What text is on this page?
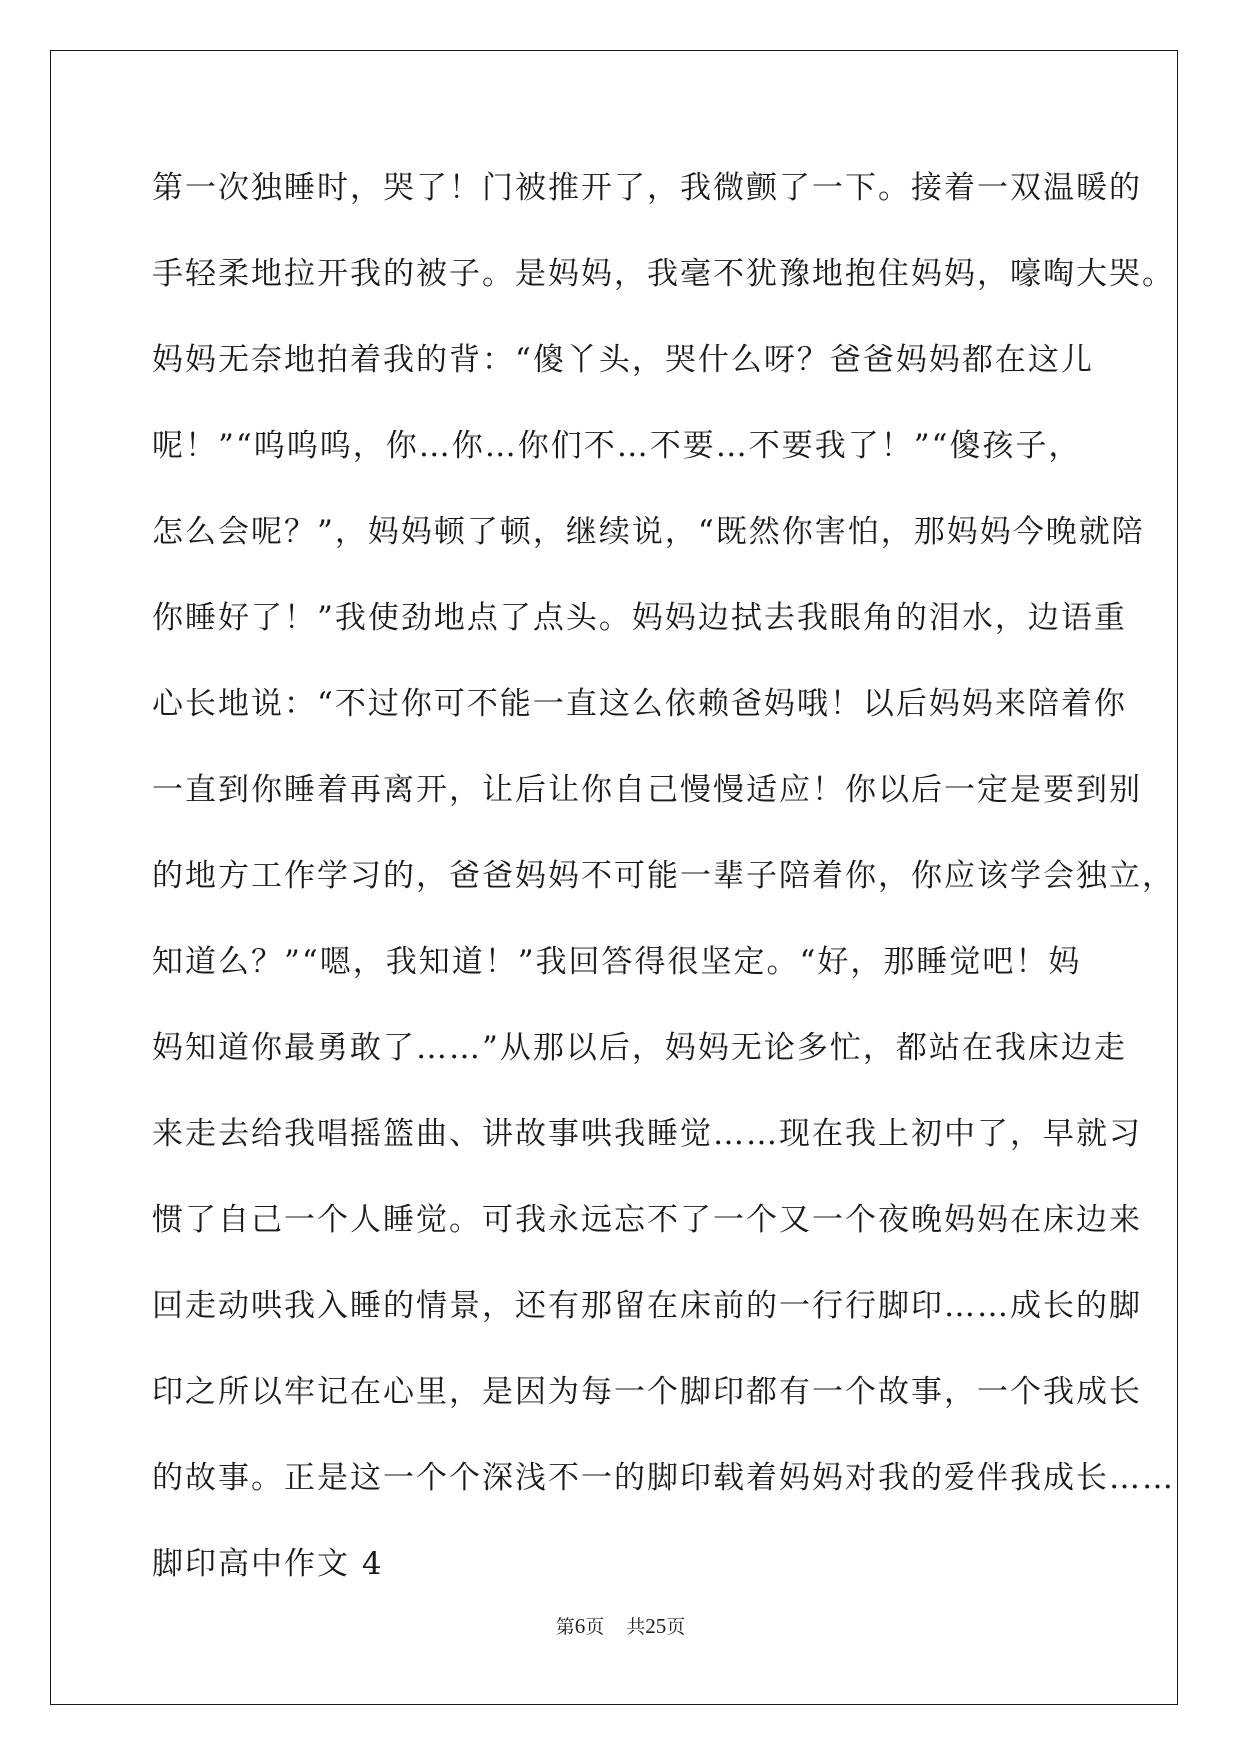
第一次独睡时，哭了！门被推开了，我微颤了一下。接着一双温暖的
手轻柔地拉开我的被子。是妈妈，我毫不犹豫地抱住妈妈，嚎啕大哭。
妈妈无奈地拍着我的背：“傻丫头，哭什么呀？爸爸妈妈都在这儿
呢！”“呜呜呜，你…你…你们不…不要…不要我了！”“傻孩子，
怎么会呢？”，妈妈顿了顿，继续说，“既然你害怕，那妈妈今晚就陪
你睡好了！”我使劲地点了点头。妈妈边拭去我眼角的泪水，边语重
心长地说：“不过你可不能一直这么依赖爸妈哦！以后妈妈来陪着你
一直到你睡着再离开，让后让你自己慢慢适应！你以后一定是要到别
的地方工作学习的，爸爸妈妈不可能一辈子陪着你，你应该学会独立，
知道么？”“嗯，我知道！”我回答得很坚定。“好，那睡觉吧！妈
妈知道你最勇敢了……”从那以后，妈妈无论多忙，都站在我床边走
来走去给我唱摇篮曲、讲故事哄我睡觉……现在我上初中了，早就习
惯了自己一个人睡觉。可我永远忘不了一个又一个夜晚妈妈在床边来
回走动哄我入睡的情景，还有那留在床前的一行行脚印……成长的脚
印之所以牢记在心里，是因为每一个脚印都有一个故事，一个我成长
的故事。正是这一个个深浅不一的脚印载着妈妈对我的爱伴我成长……
脚印高中作文 4
第6页 共25页
